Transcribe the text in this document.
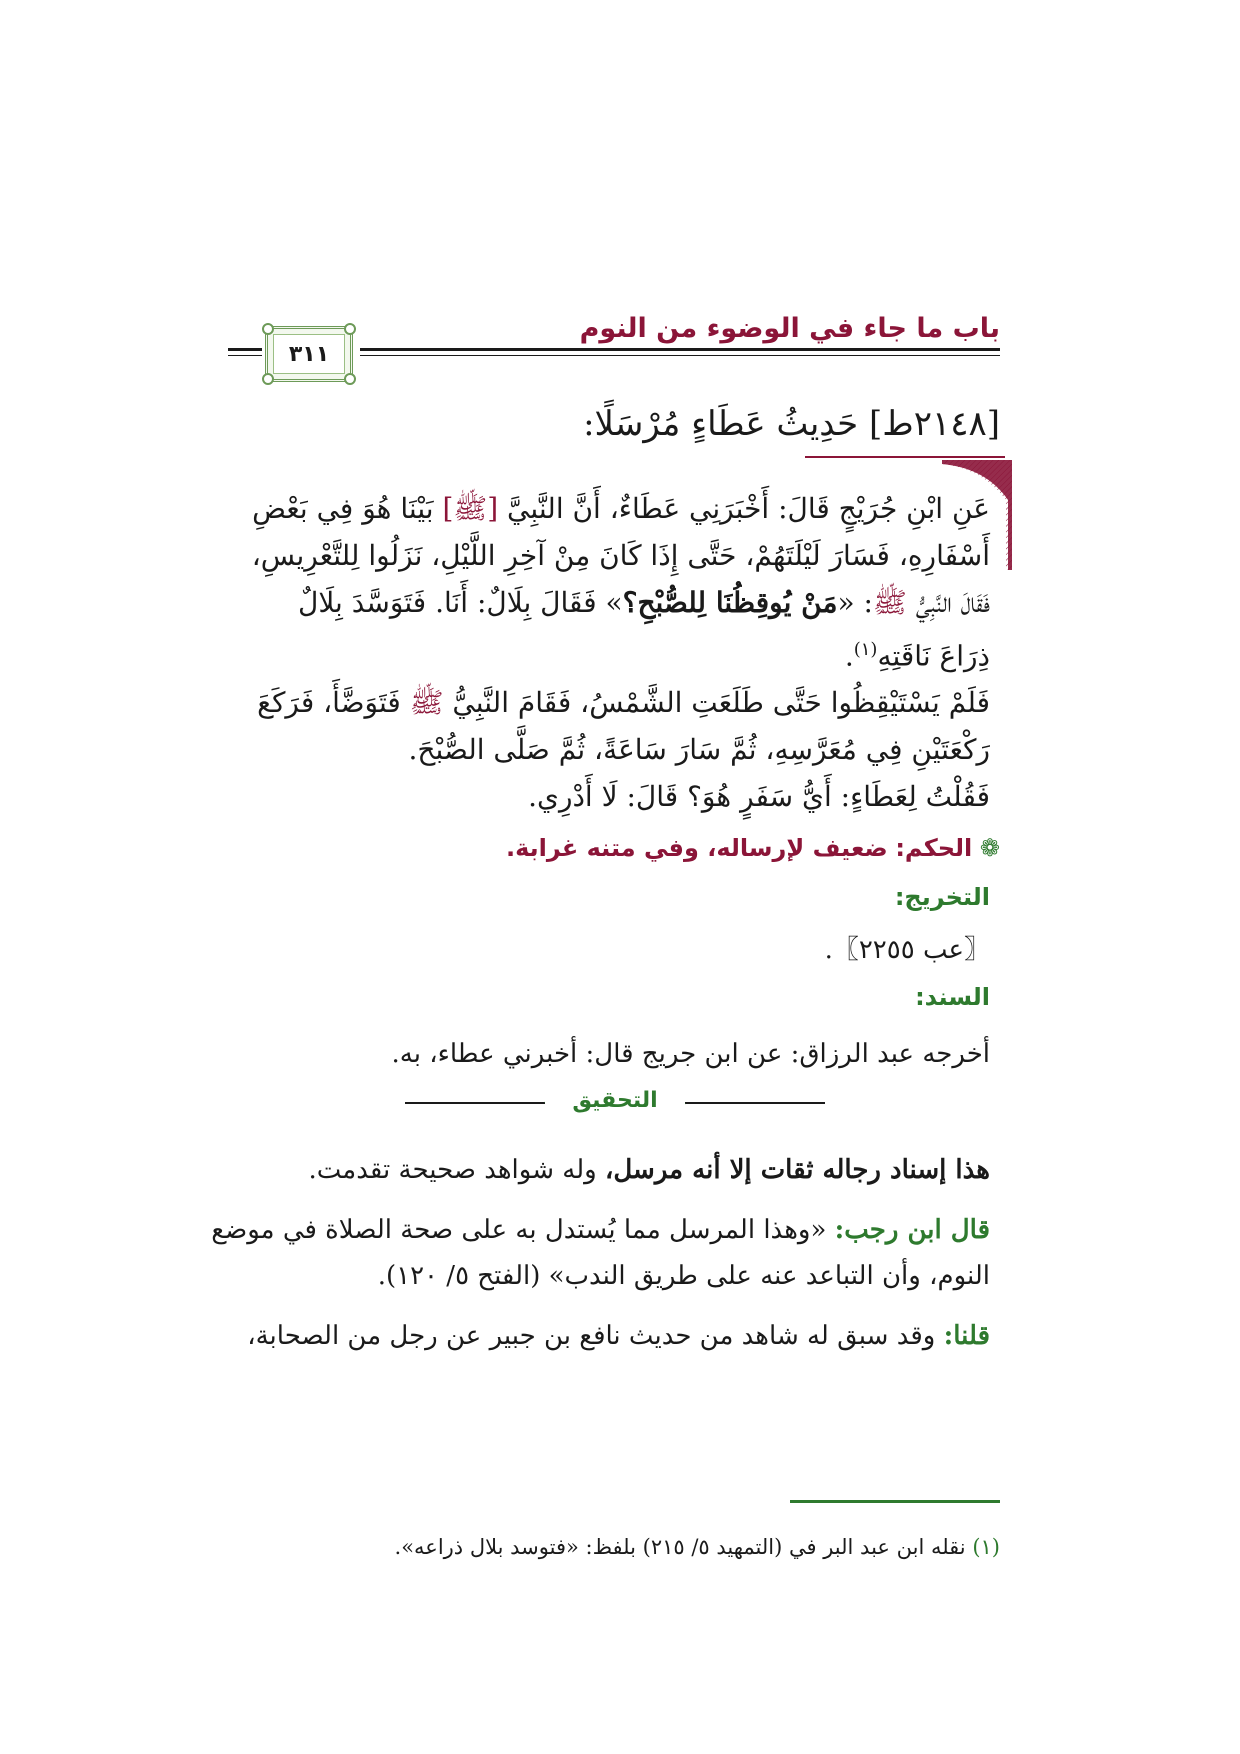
باب ما جاء في الوضوء من النوم
٣١١
[٢١٤٨ط] حَدِيثُ عَطَاءٍ مُرْسَلًا:
عَنِ ابْنِ جُرَيْجٍ قَالَ: أَخْبَرَنِي عَطَاءٌ، أَنَّ النَّبِيَّ [ﷺ] بَيْنَا هُوَ فِي بَعْضِ
أَسْفَارِهِ، فَسَارَ لَيْلَتَهُمْ، حَتَّى إِذَا كَانَ مِنْ آخِرِ اللَّيْلِ، نَزَلُوا لِلتَّعْرِيسِ،
فَقَالَ النَّبِيُّ ﷺ: «مَنْ يُوقِظُنَا لِلصُّبْحِ؟» فَقَالَ بِلَالٌ: أَنَا. فَتَوَسَّدَ بِلَالٌ
ذِرَاعَ نَاقَتِهِ$^{(١)}$.
فَلَمْ يَسْتَيْقِظُوا حَتَّى طَلَعَتِ الشَّمْسُ، فَقَامَ النَّبِيُّ ﷺ فَتَوَضَّأَ، فَرَكَعَ
رَكْعَتَيْنِ فِي مُعَرَّسِهِ، ثُمَّ سَارَ سَاعَةً، ثُمَّ صَلَّى الصُّبْحَ.
فَقُلْتُ لِعَطَاءٍ: أَيُّ سَفَرٍ هُوَ؟ قَالَ: لَا أَدْرِي.
❁ الحكم: ضعيف لإرساله، وفي متنه غرابة.
التخريج:
〖عب ٢٢٥٥〗.
السند:
أخرجه عبد الرزاق: عن ابن جريج قال: أخبرني عطاء، به.
التحقيق
هذا إسناد رجاله ثقات إلا أنه مرسل، وله شواهد صحيحة تقدمت.
قال ابن رجب: «وهذا المرسل مما يُستدل به على صحة الصلاة في موضع
النوم، وأن التباعد عنه على طريق الندب» (الفتح ٥/ ١٢٠).
قلنا: وقد سبق له شاهد من حديث نافع بن جبير عن رجل من الصحابة،
(١) نقله ابن عبد البر في (التمهيد ٥/ ٢١٥) بلفظ: «فتوسد بلال ذراعه».
